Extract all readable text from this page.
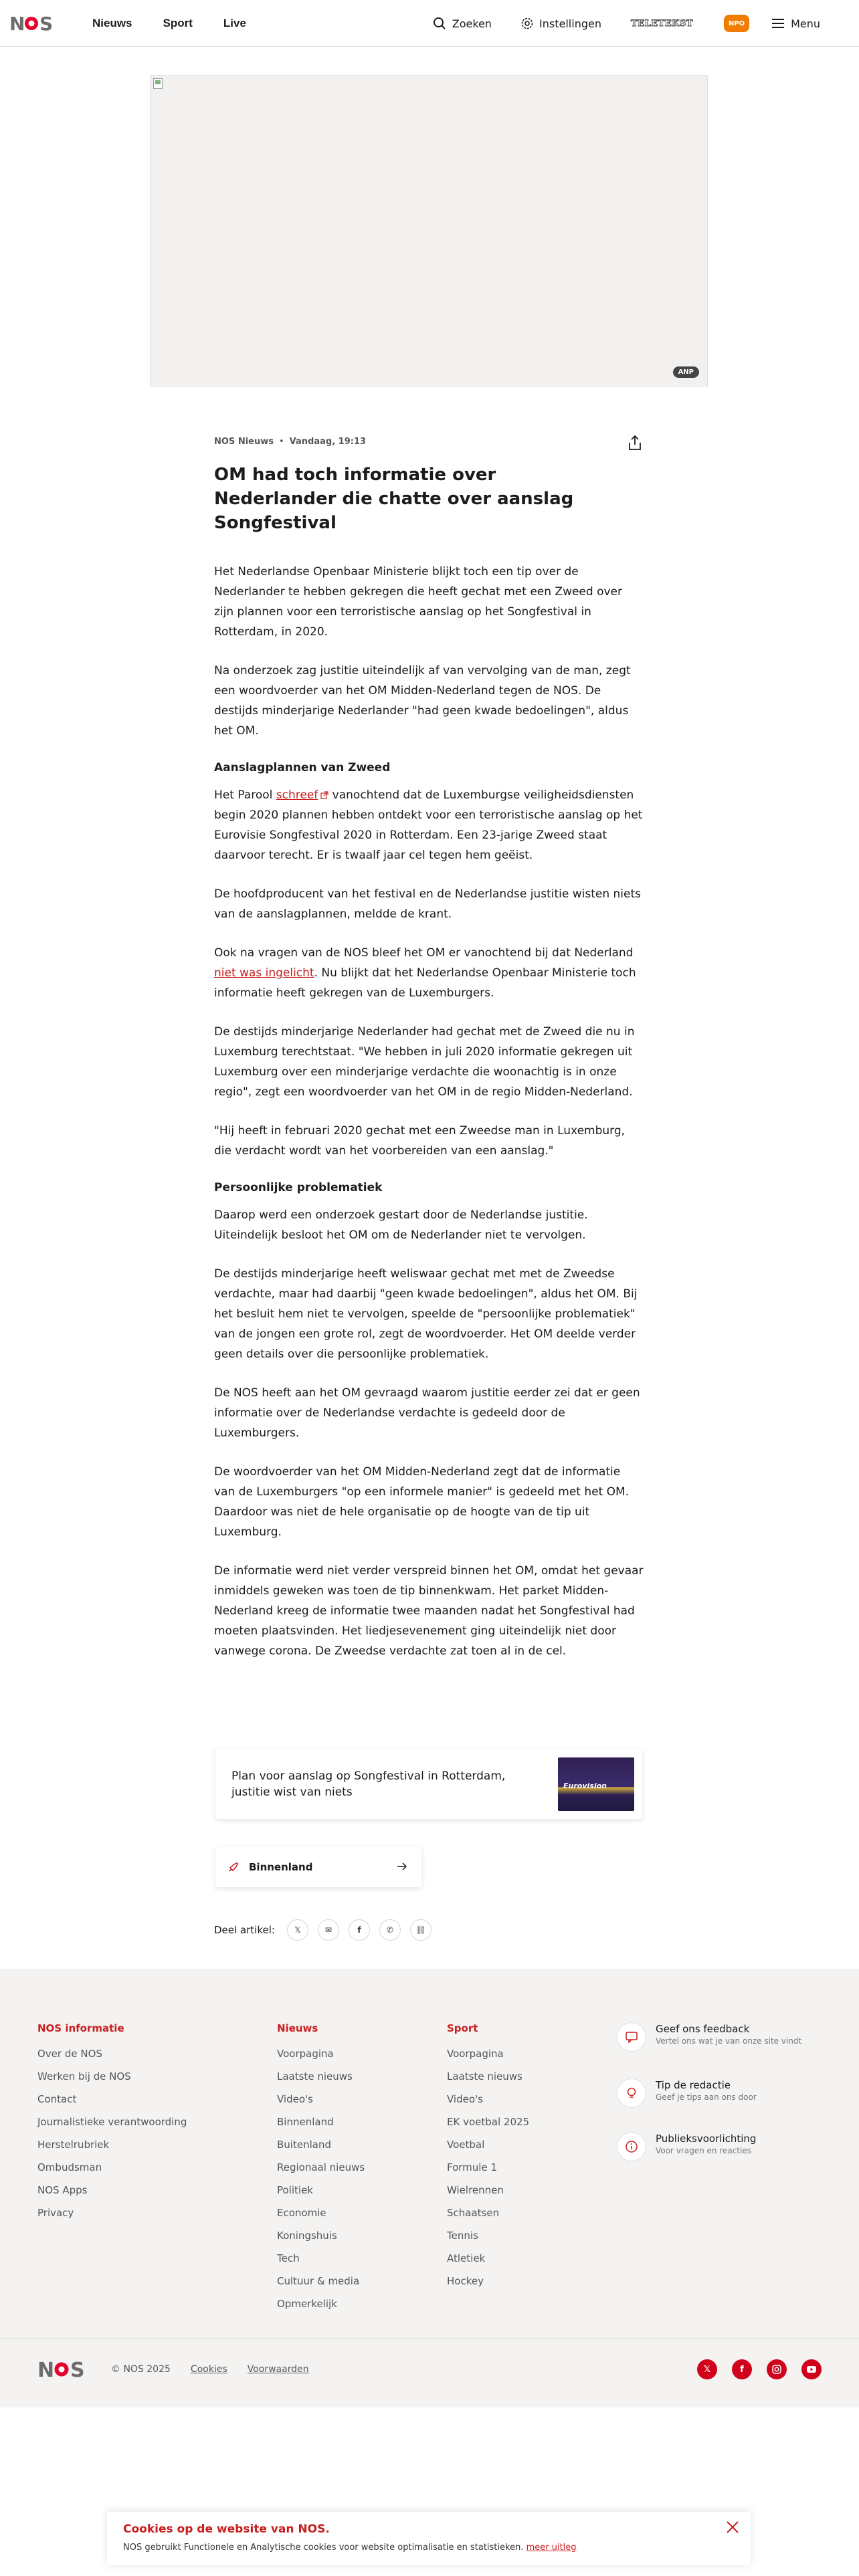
N S	Nieuws	Sport	Live	Zoeken	Instellingen	TELETEKST	NPO	Menu
ANP
NOS Nieuws • Vandaag, 19:13
OM had toch informatie over Nederlander die chatte over aanslag Songfestival

Het Nederlandse Openbaar Ministerie blijkt toch een tip over de Nederlander te hebben gekregen die heeft gechat met een Zweed over zijn plannen voor een terroristische aanslag op het Songfestival in Rotterdam, in 2020.

Na onderzoek zag justitie uiteindelijk af van vervolging van de man, zegt een woordvoerder van het OM Midden-Nederland tegen de NOS. De destijds minderjarige Nederlander "had geen kwade bedoelingen", aldus het OM.

Aanslagplannen van Zweed

Het Parool schreef vanochtend dat de Luxemburgse veiligheidsdiensten begin 2020 plannen hebben ontdekt voor een terroristische aanslag op het Eurovisie Songfestival 2020 in Rotterdam. Een 23-jarige Zweed staat daarvoor terecht. Er is twaalf jaar cel tegen hem geëist.

De hoofdproducent van het festival en de Nederlandse justitie wisten niets van de aanslagplannen, meldde de krant.

Ook na vragen van de NOS bleef het OM er vanochtend bij dat Nederland niet was ingelicht. Nu blijkt dat het Nederlandse Openbaar Ministerie toch informatie heeft gekregen van de Luxemburgers.

De destijds minderjarige Nederlander had gechat met de Zweed die nu in Luxemburg terechtstaat. "We hebben in juli 2020 informatie gekregen uit Luxemburg over een minderjarige verdachte die woonachtig is in onze regio", zegt een woordvoerder van het OM in de regio Midden-Nederland.

"Hij heeft in februari 2020 gechat met een Zweedse man in Luxemburg, die verdacht wordt van het voorbereiden van een aanslag."

Persoonlijke problematiek

Daarop werd een onderzoek gestart door de Nederlandse justitie. Uiteindelijk besloot het OM om de Nederlander niet te vervolgen.

De destijds minderjarige heeft weliswaar gechat met met de Zweedse verdachte, maar had daarbij "geen kwade bedoelingen", aldus het OM. Bij het besluit hem niet te vervolgen, speelde de "persoonlijke problematiek" van de jongen een grote rol, zegt de woordvoerder. Het OM deelde verder geen details over die persoonlijke problematiek.

De NOS heeft aan het OM gevraagd waarom justitie eerder zei dat er geen informatie over de Nederlandse verdachte is gedeeld door de Luxemburgers.

De woordvoerder van het OM Midden-Nederland zegt dat de informatie van de Luxemburgers "op een informele manier" is gedeeld met het OM. Daardoor was niet de hele organisatie op de hoogte van de tip uit Luxemburg.

De informatie werd niet verder verspreid binnen het OM, omdat het gevaar inmiddels geweken was toen de tip binnenkwam. Het parket Midden-Nederland kreeg de informatie twee maanden nadat het Songfestival had moeten plaatsvinden. Het liedjesevenement ging uiteindelijk niet door vanwege corona. De Zweedse verdachte zat toen al in de cel.

Plan voor aanslag op Songfestival in Rotterdam, justitie wist van niets	Eurovision
Binnenland
Deel artikel: 𝕏	✉	f	✆	⛓
NOS informatie
Over de NOS
Werken bij de NOS
Contact
Journalistieke verantwoording
Herstelrubriek
Ombudsman
NOS Apps
Privacy
Nieuws
Voorpagina
Laatste nieuws
Video's
Binnenland
Buitenland
Regionaal nieuws
Politiek
Economie
Koningshuis
Tech
Cultuur & media
Opmerkelijk
Sport
Voorpagina
Laatste nieuws
Video's
EK voetbal 2025
Voetbal
Formule 1
Wielrennen
Schaatsen
Tennis
Atletiek
Hockey
Geef ons feedback
Vertel ons wat je van onze site vindt
Tip de redactie
Geef je tips aan ons door
Publieksvoorlichting
Voor vragen en reacties
N S	© NOS 2025 Cookies Voorwaarden	𝕏	f
Cookies op de website van NOS.

NOS gebruikt Functionele en Analytische cookies voor website optimalisatie en statistieken. meer uitleg
